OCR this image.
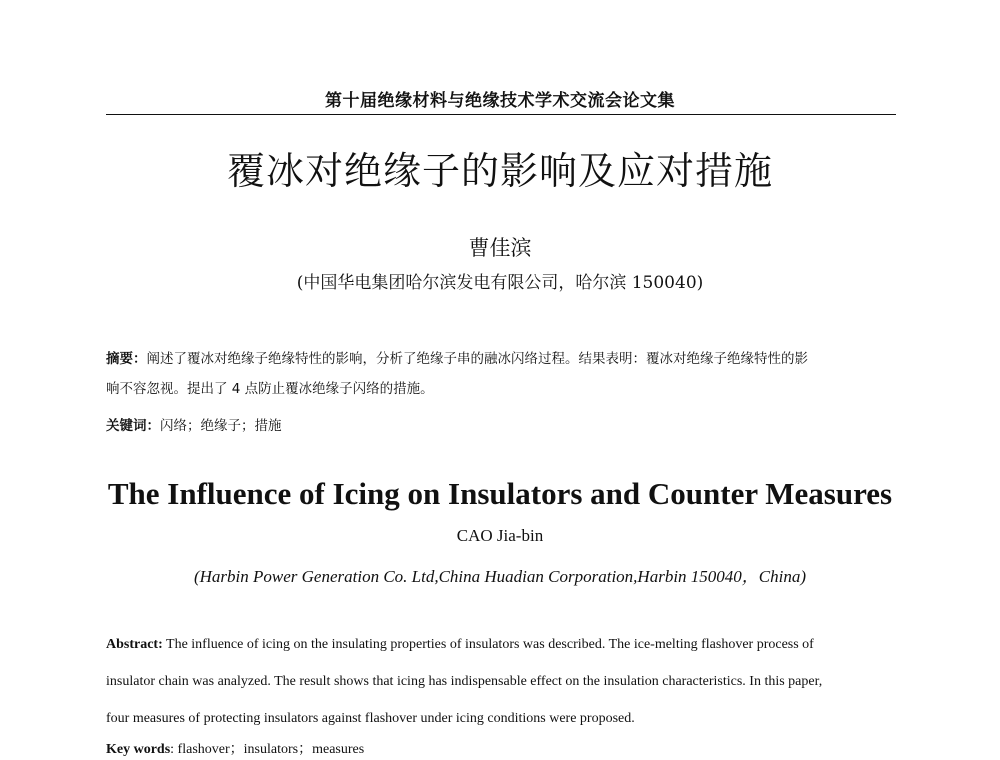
第十届绝缘材料与绝缘技术学术交流会论文集
覆冰对绝缘子的影响及应对措施
曹佳滨
(中国华电集团哈尔滨发电有限公司，哈尔滨 150040)
摘要：阐述了覆冰对绝缘子绝缘特性的影响，分析了绝缘子串的融冰闪络过程。结果表明：覆冰对绝缘子绝缘特性的影
响不容忽视。提出了 4 点防止覆冰绝缘子闪络的措施。
关键词：闪络；绝缘子；措施
The Influence of Icing on Insulators and Counter Measures
CAO Jia-bin
(Harbin Power Generation Co. Ltd,China Huadian Corporation,Harbin 150040，China)
Abstract: The influence of icing on the insulating properties of insulators was described. The ice-melting flashover process of
insulator chain was analyzed. The result shows that icing has indispensable effect on the insulation characteristics. In this paper,
four measures of protecting insulators against flashover under icing conditions were proposed.
Key words: flashover；insulators；measures
